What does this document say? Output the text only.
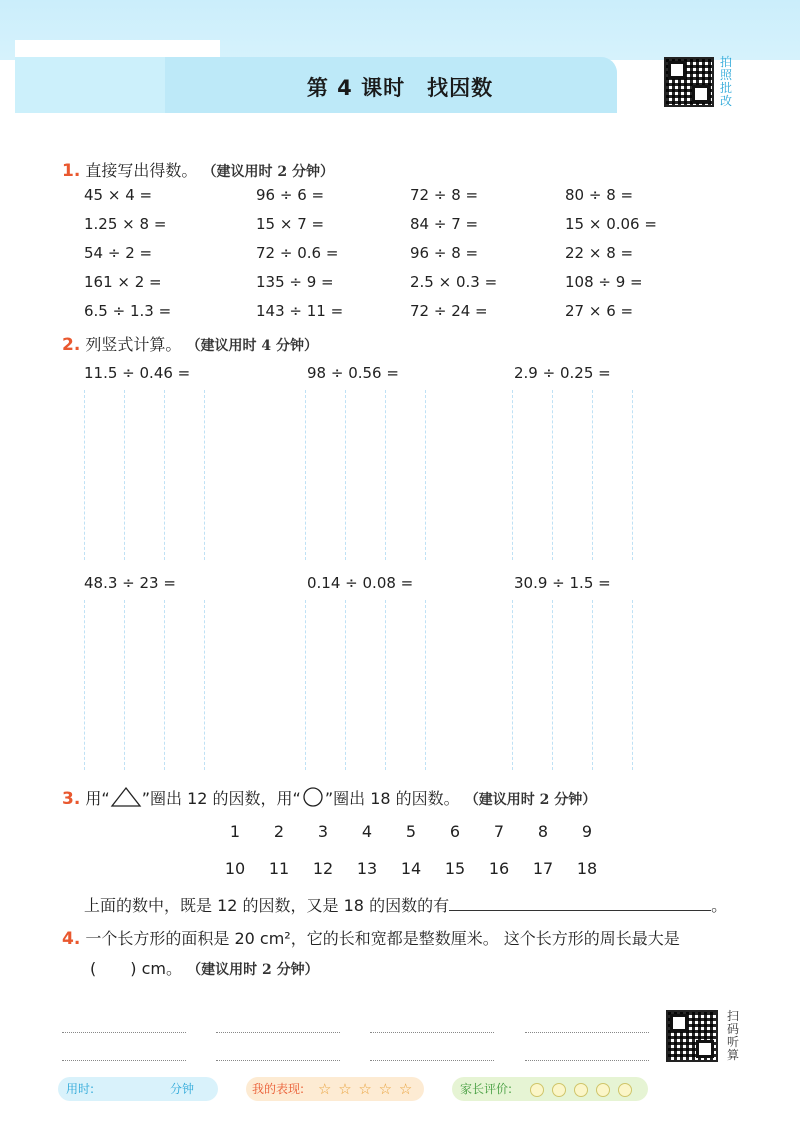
第 4 课时　找因数
拍照批改
1. 直接写出得数。 （建议用时 2 分钟）
45 × 4 =	96 ÷ 6 =	72 ÷ 8 =	80 ÷ 8 =
1.25 × 8 =	15 × 7 =	84 ÷ 7 =	15 × 0.06 =
54 ÷ 2 =	72 ÷ 0.6 =	96 ÷ 8 =	22 × 8 =
161 × 2 =	135 ÷ 9 =	2.5 × 0.3 =	108 ÷ 9 =
6.5 ÷ 1.3 =	143 ÷ 11 =	72 ÷ 24 =	27 × 6 =
2. 列竖式计算。 （建议用时 4 分钟）
11.5 ÷ 0.46 =	98 ÷ 0.56 =	2.9 ÷ 0.25 =
48.3 ÷ 23 =	0.14 ÷ 0.08 =	30.9 ÷ 1.5 =
3. 用“ ”圈出 12 的因数，用“ ”圈出 18 的因数。 （建议用时 2 分钟）
1	2	3	4	5	6	7	8	9
10	11	12	13	14	15	16	17	18
上面的数中，既是 12 的因数，又是 18 的因数的有	。
4. 一个长方形的面积是 20 cm²，它的长和宽都是整数厘米。 这个长方形的周长最大是
( ) cm。 （建议用时 2 分钟）
扫码听算
用时:	分钟	我的表现: ☆ ☆ ☆ ☆ ☆	家长评价:
